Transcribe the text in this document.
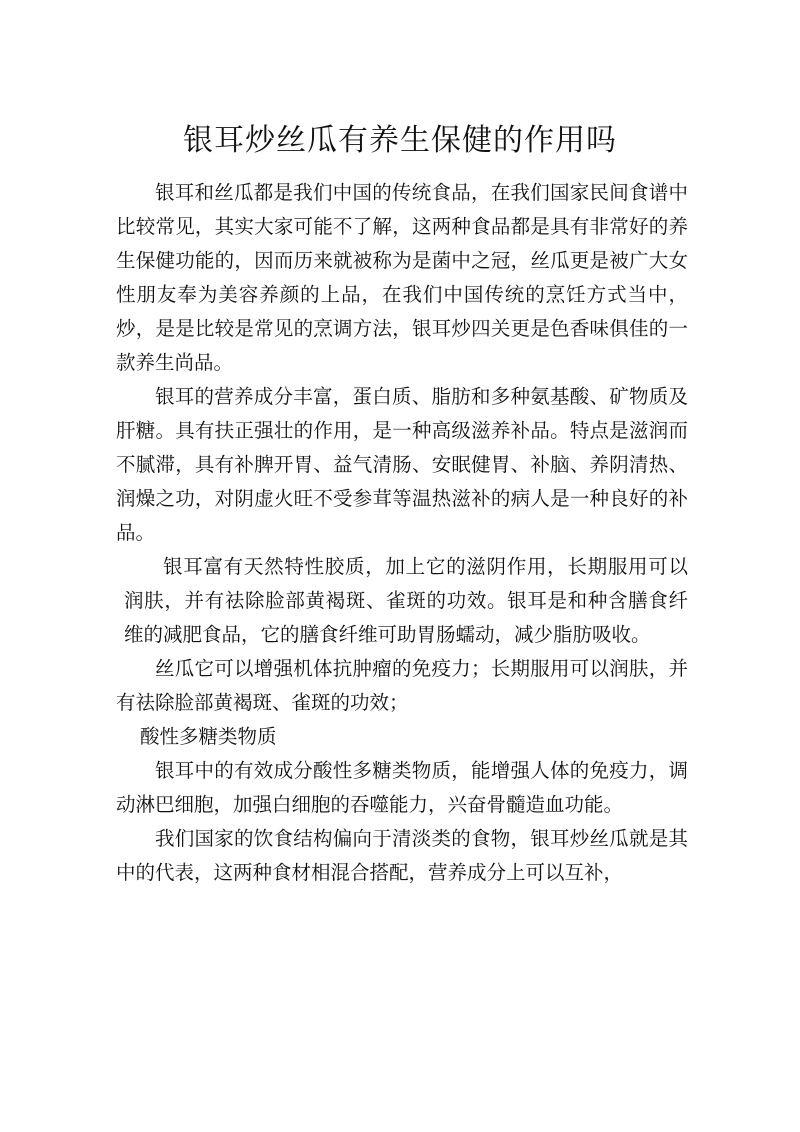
银耳炒丝瓜有养生保健的作用吗

银耳和丝瓜都是我们中国的传统食品，在我们国家民间食谱中比较常见，其实大家可能不了解，这两种食品都是具有非常好的养生保健功能的，因而历来就被称为是菌中之冠，丝瓜更是被广大女性朋友奉为美容养颜的上品，在我们中国传统的烹饪方式当中，炒，是是比较是常见的烹调方法，银耳炒四关更是色香味俱佳的一款养生尚品。

银耳的营养成分丰富，蛋白质、脂肪和多种氨基酸、矿物质及肝糖。具有扶正强壮的作用，是一种高级滋养补品。特点是滋润而不腻滞，具有补脾开胃、益气清肠、安眠健胃、补脑、养阴清热、润燥之功，对阴虚火旺不受参茸等温热滋补的病人是一种良好的补品。

银耳富有天然特性胶质，加上它的滋阴作用，长期服用可以润肤，并有祛除脸部黄褐斑、雀斑的功效。银耳是和种含膳食纤维的减肥食品，它的膳食纤维可助胃肠蠕动，减少脂肪吸收。

丝瓜它可以增强机体抗肿瘤的免疫力；长期服用可以润肤，并有祛除脸部黄褐斑、雀斑的功效；

酸性多糖类物质

银耳中的有效成分酸性多糖类物质，能增强人体的免疫力，调动淋巴细胞，加强白细胞的吞噬能力，兴奋骨髓造血功能。

我们国家的饮食结构偏向于清淡类的食物，银耳炒丝瓜就是其中的代表，这两种食材相混合搭配，营养成分上可以互补，
